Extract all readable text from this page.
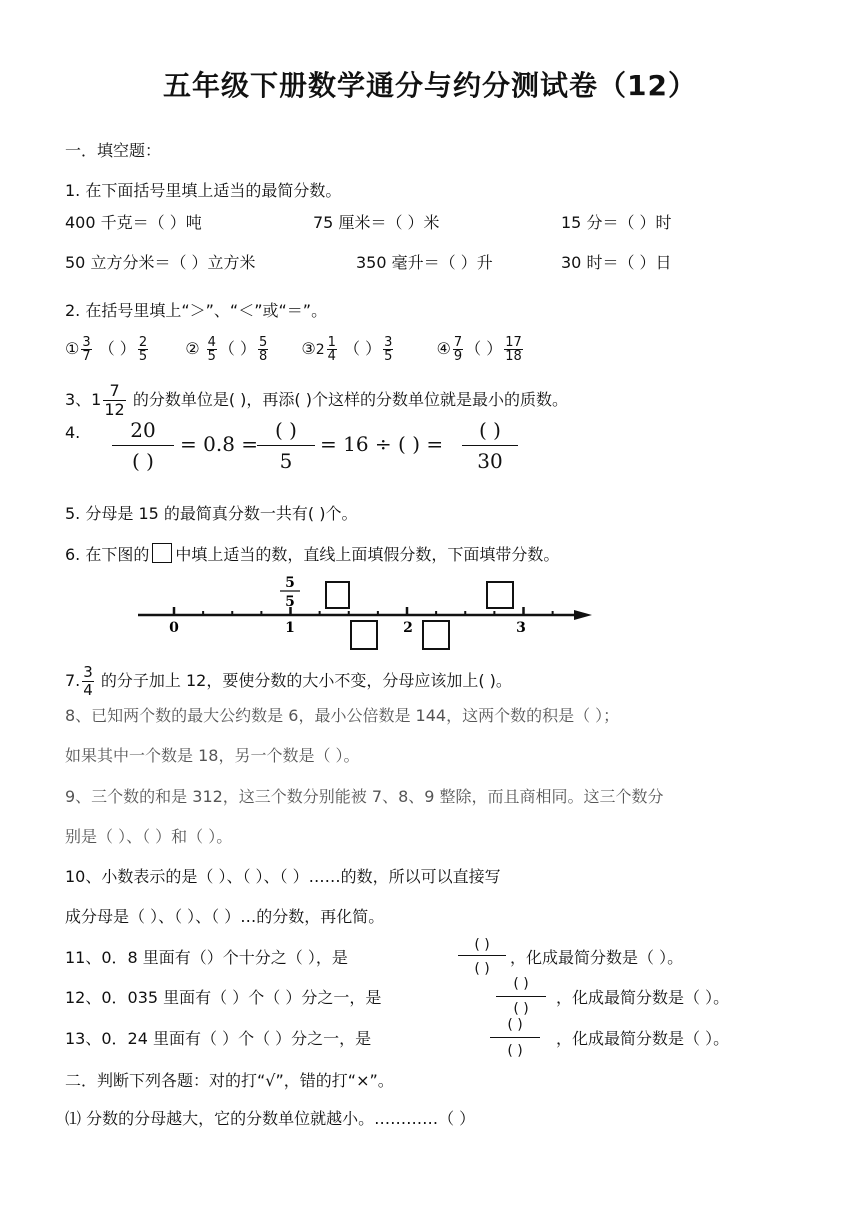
五年级下册数学通分与约分测试卷（12）
一．填空题：
1. 在下面括号里填上适当的最简分数。
400 千克＝（ ）吨	75 厘米＝（ ）米	15 分＝（ ）时
50 立方分米＝（ ）立方米	350 毫升＝（ ）升	30 时＝（ ）日
2. 在括号里填上“＞”、“＜”或“＝”。
① $\frac{3}{7}$ （ ） $\frac{2}{5}$ ② $\frac{4}{5}$ （ ） $\frac{5}{8}$ ③2 $\frac{1}{4}$ （ ） $\frac{3}{5}$	④ $\frac{7}{9}$ （ ） $\frac{17}{18}$
3、$1 \frac{7}{12}$ 的分数单位是( )，再添( )个这样的分数单位就是最小的质数。
4.	20
( )
= 0.8 =
( )
5
= 16 ÷ ( ) =
( )
30
5. 分母是 15 的最简真分数一共有( )个。
6. 在下图的 中填上适当的数，直线上面填假分数，下面填带分数。
0	1	2	3
5
5
7. $\frac{3}{4}$ 的分子加上 12，要使分数的大小不变，分母应该加上( )。
8、已知两个数的最大公约数是 6，最小公倍数是 144，这两个数的积是（ ）；
如果其中一个数是 18，另一个数是（ ）。
9、三个数的和是 312，这三个数分别能被 7、8、9 整除，而且商相同。这三个数分
别是（ ）、（ ）和（ ）。
10、小数表示的是（ ）、（ ）、（ ）……的数，所以可以直接写
成分母是（ ）、（ ）、（ ）…的分数，再化简。
11、0．8 里面有（）个十分之（ ），是
( )
( )
，化成最简分数是（ ）。
12、0．035 里面有（ ）个（ ）分之一，是
( )
( )
，化成最简分数是（ ）。
13、0．24 里面有（ ）个（ ）分之一，是
( )
( )
，化成最简分数是（ ）。
二．判断下列各题：对的打“√”，错的打“×”。
⑴ 分数的分母越大，它的分数单位就越小。…………（ ）
